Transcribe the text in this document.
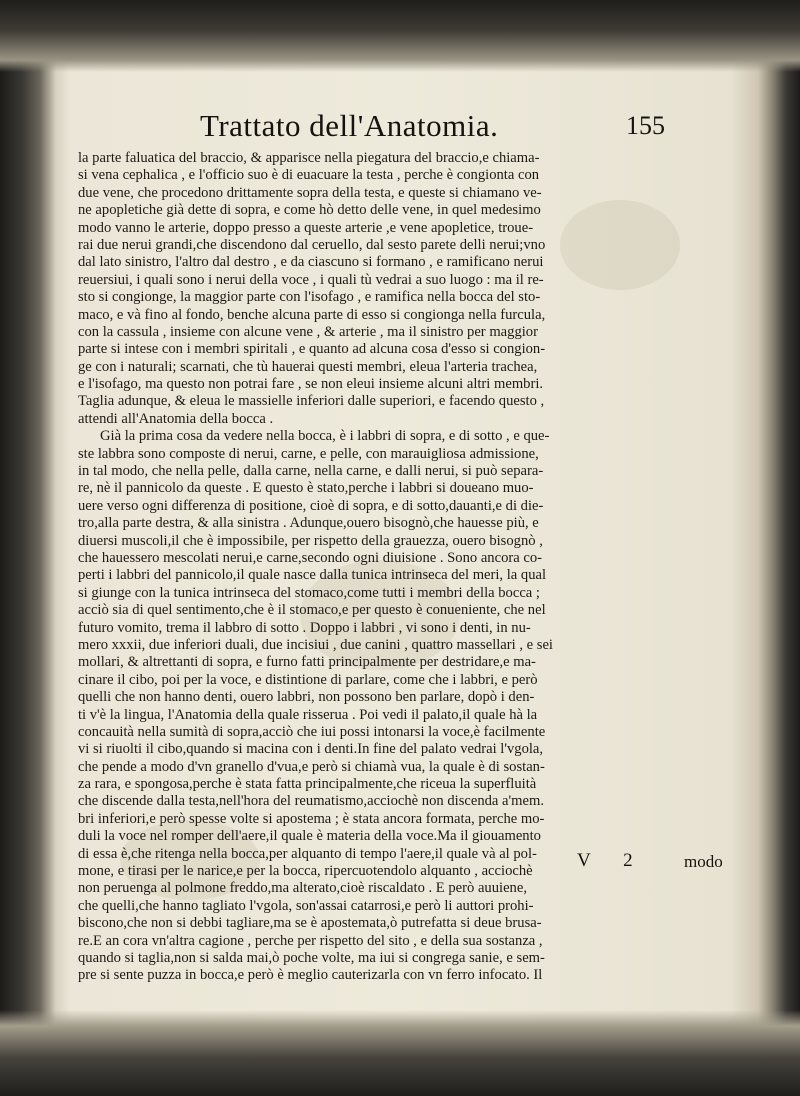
Trattato dell'Anatomia.	155
la parte faluatica del braccio, & apparisce nella piegatura del braccio,e chiama-
si vena cephalica , e l'officio suo è di euacuare la testa , perche è congionta con
due vene, che procedono drittamente sopra della testa, e queste si chiamano ve-
ne apopletiche già dette di sopra, e come hò detto delle vene, in quel medesimo
modo vanno le arterie, doppo presso a queste arterie ,e vene apopletice, troue-
rai due nerui grandi,che discendono dal ceruello, dal sesto parete delli nerui;vno
dal lato sinistro, l'altro dal destro , e da ciascuno si formano , e ramificano nerui
reuersiui, i quali sono i nerui della voce , i quali tù vedrai a suo luogo : ma il re-
sto si congionge, la maggior parte con l'isofago , e ramifica nella bocca del sto-
maco, e và fino al fondo, benche alcuna parte di esso si congionga nella furcula,
con la cassula , insieme con alcune vene , & arterie , ma il sinistro per maggior
parte si intese con i membri spiritali , e quanto ad alcuna cosa d'esso si congion-
ge con i naturali; scarnati, che tù hauerai questi membri, eleua l'arteria trachea,
e l'isofago, ma questo non potrai fare , se non eleui insieme alcuni altri membri.
Taglia adunque, & eleua le massielle inferiori dalle superiori, e facendo questo ,
attendi all'Anatomia della bocca .
Già la prima cosa da vedere nella bocca, è i labbri di sopra, e di sotto , e que-
ste labbra sono composte di nerui, carne, e pelle, con marauigliosa admissione,
in tal modo, che nella pelle, dalla carne, nella carne, e dalli nerui, si può separa-
re, nè il pannicolo da queste . E questo è stato,perche i labbri si doueano muo-
uere verso ogni differenza di positione, cioè di sopra, e di sotto,dauanti,e di die-
tro,alla parte destra, & alla sinistra . Adunque,ouero bisognò,che hauesse più, e
diuersi muscoli,il che è impossibile, per rispetto della grauezza, ouero bisognò ,
che hauessero mescolati nerui,e carne,secondo ogni diuisione . Sono ancora co-
perti i labbri del pannicolo,il quale nasce dalla tunica intrinseca del meri, la qual
si giunge con la tunica intrinseca del stomaco,come tutti i membri della bocca ;
acciò sia di quel sentimento,che è il stomaco,e per questo è conueniente, che nel
futuro vomito, trema il labbro di sotto . Doppo i labbri , vi sono i denti, in nu-
mero xxxii, due inferiori duali, due incisiui , due canini , quattro massellari , e sei
mollari, & altrettanti di sopra, e furno fatti principalmente per destridare,e ma-
cinare il cibo, poi per la voce, e distintione di parlare, come che i labbri, e però
quelli che non hanno denti, ouero labbri, non possono ben parlare, dopò i den-
ti v'è la lingua, l'Anatomia della quale risserua . Poi vedi il palato,il quale hà la
concauità nella sumità di sopra,acciò che iui possi intonarsi la voce,è facilmente
vi si riuolti il cibo,quando si macina con i denti.In fine del palato vedrai l'vgola,
che pende a modo d'vn granello d'vua,e però si chiamà vua, la quale è di sostan-
za rara, e spongosa,perche è stata fatta principalmente,che riceua la superfluità
che discende dalla testa,nell'hora del reumatismo,acciochè non discenda a'mem.
bri inferiori,e però spesse volte si apostema ; è stata ancora formata, perche mo-
duli la voce nel romper dell'aere,il quale è materia della voce.Ma il giouamento
di essa è,che ritenga nella bocca,per alquanto di tempo l'aere,il quale và al pol-
mone, e tirasi per le narice,e per la bocca, ripercuotendolo alquanto , acciochè
non peruenga al polmone freddo,ma alterato,cioè riscaldato . E però auuiene,
che quelli,che hanno tagliato l'vgola, son'assai catarrosi,e però li auttori prohi-
biscono,che non si debbi tagliare,ma se è apostemata,ò putrefatta si deue brusa-
re.E an cora vn'altra cagione , perche per rispetto del sito , e della sua sostanza ,
quando si taglia,non si salda mai,ò poche volte, ma iui si congrega sanie, e sem-
pre si sente puzza in bocca,e però è meglio cauterizarla con vn ferro infocato. Il
V 2 modo
